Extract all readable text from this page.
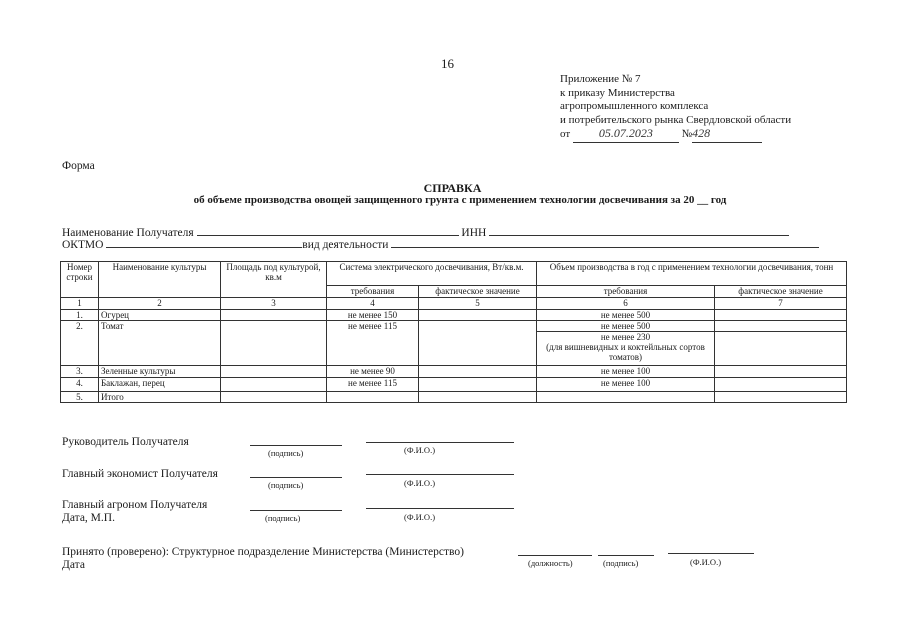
16
Приложение № 7
к приказу Министерства
агропромышленного комплекса
и потребительского рынка Свердловской области
от 05.07.2023	№428
Форма
СПРАВКА
об объеме производства овощей защищенного грунта с применением технологии досвечивания за 20 __ год
Наименование Получателя	ИНН
ОКТМО	вид деятельности
Номер строки	Наименование культуры	Площадь под культурой, кв.м	Система электрического досвечивания, Вт/кв.м.		Объем производства в год с применением технологии досвечивания, тонн	
			требования	фактическое значение	требования	фактическое значение
1	2	3	4	5	6	7
1.	Огурец		не менее 150		не менее 500	
2.	Томат		не менее 115		не менее 500	

					не менее 230
(для вишневидных и коктейльных сортов томатов)	

3.	Зеленные культуры		не менее 90		не менее 100	
4.	Баклажан, перец		не менее 115		не менее 100	
5.	Итого					
Руководитель Получателя
(подпись)	(Ф.И.О.)
Главный экономист Получателя
(подпись)	(Ф.И.О.)
Главный агроном Получателя
Дата, М.П.	(подпись)	(Ф.И.О.)
Принято (проверено): Структурное подразделение Министерства (Министерство)
Дата	(должность)	(подпись)	(Ф.И.О.)
